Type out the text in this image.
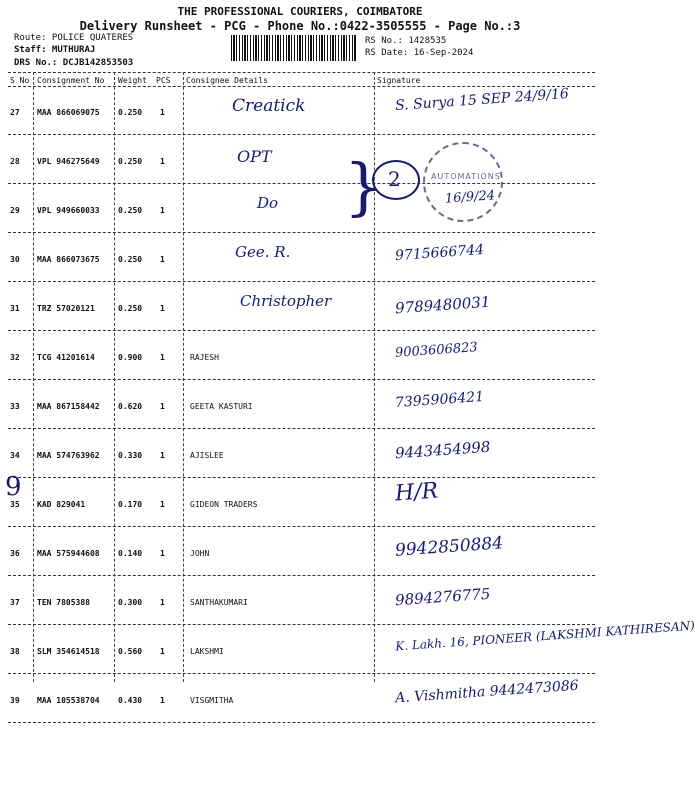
THE PROFESSIONAL COURIERS, COIMBATORE
Delivery Runsheet - PCG - Phone No.:0422-3505555 - Page No.:3
Route: POLICE QUATERES
Staff: MUTHURAJ
DRS No.: DCJB142853503
RS No.: 1428535
RS Date: 16-Sep-2024
S No Consignment No Weight PCS Consignee Details	Signature
27 MAA 866069075 0.250 1	Creatick	S. Surya 15 SEP 24/9/16
28 VPL 946275649 0.250 1	OPT
29 VPL 949660033 0.250 1	Do	16/9/24
30 MAA 866073675 0.250 1	Gee. R.	9715666744
31 TRZ 57020121	0.250 1	Christopher	9789480031
32 TCG 41201614	0.900 1	RAJESH	9003606823
33 MAA 867158442 0.620 1	GEETA KASTURI	7395906421
34 MAA 574763962 0.330 1	AJISLEE	9443454998
35 KAD 829041	0.170 1	GIDEON TRADERS	H/R
36 MAA 575944608 0.140 1	JOHN	9942850884
37 TEN 7805388	0.300 1	SANTHAKUMARI	9894276775
38 SLM 354614518 0.560 1	LAKSHMI	K. Lakh. 16, PIONEER (LAKSHMI KATHIRESAN)
39 MAA 105538704 0.430 1	VISGMITHA	A. Vishmitha 9442473086
AUTOMATIONS
2
}
9
